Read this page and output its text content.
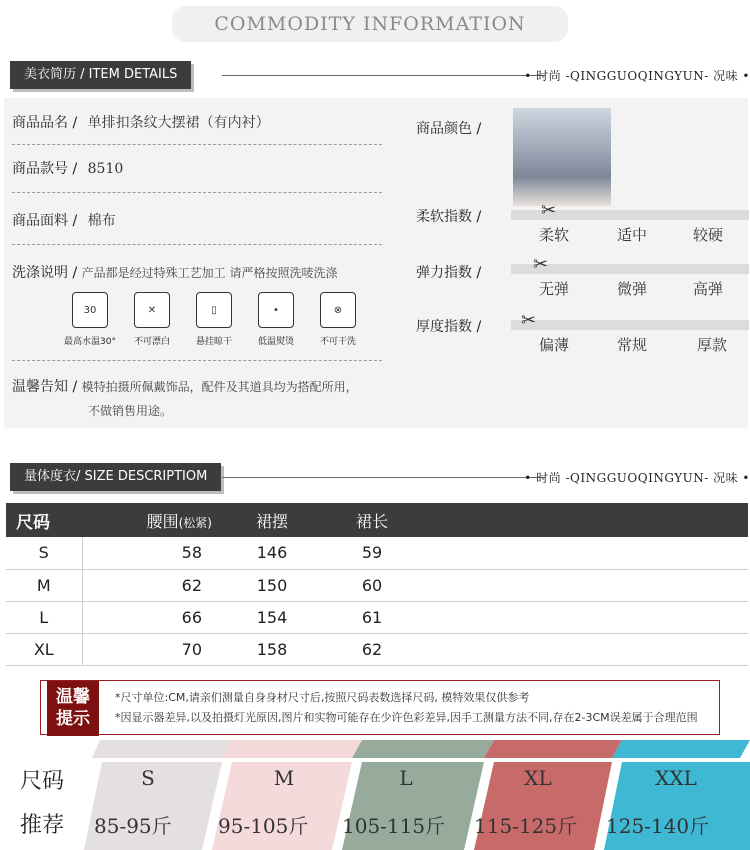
COMMODITY INFORMATION
美衣简历 / ITEM DETAILS	• 时尚 -QINGGUOQINGYUN- 况味 •
商品品名 / 单排扣条纹大摆裙（有内衬）
商品款号 / 8510
商品面料 / 棉布
洗涤说明 / 产品都是经过特殊工艺加工 请严格按照洗唛洗涤
30
最高水温30°
✕
不可漂白
▯
悬挂晾干
•
低温熨烫
⊗
不可干洗
温馨告知 / 模特拍摄所佩戴饰品，配件及其道具均为搭配所用，
不做销售用途。
商品颜色 /
柔软指数 /	✂
柔软	适中	较硬
弹力指数 /	✂
无弹	微弹	高弹
厚度指数 / ✂
偏薄	常规	厚款
量体度衣/ SIZE DESCRIPTIOM	• 时尚 -QINGGUOQINGYUN- 况味 •
尺码	腰围(松紧)	裙摆	裙长	
S	58	146	59	
M	62	150	60	
L	66	154	61	
XL	70	158	62	
温馨
提示
*尺寸单位:CM,请亲们测量自身身材尺寸后,按照尺码表数选择尺码, 模特效果仅供参考
*因显示器差异,以及拍摄灯光原因,图片和实物可能存在少许色彩差异,因手工测量方法不同,存在2-3CM误差属于合理范围
尺码
推荐
S	M	L	XL	XXL
85-95斤 95-105斤 105-115斤 115-125斤 125-140斤
